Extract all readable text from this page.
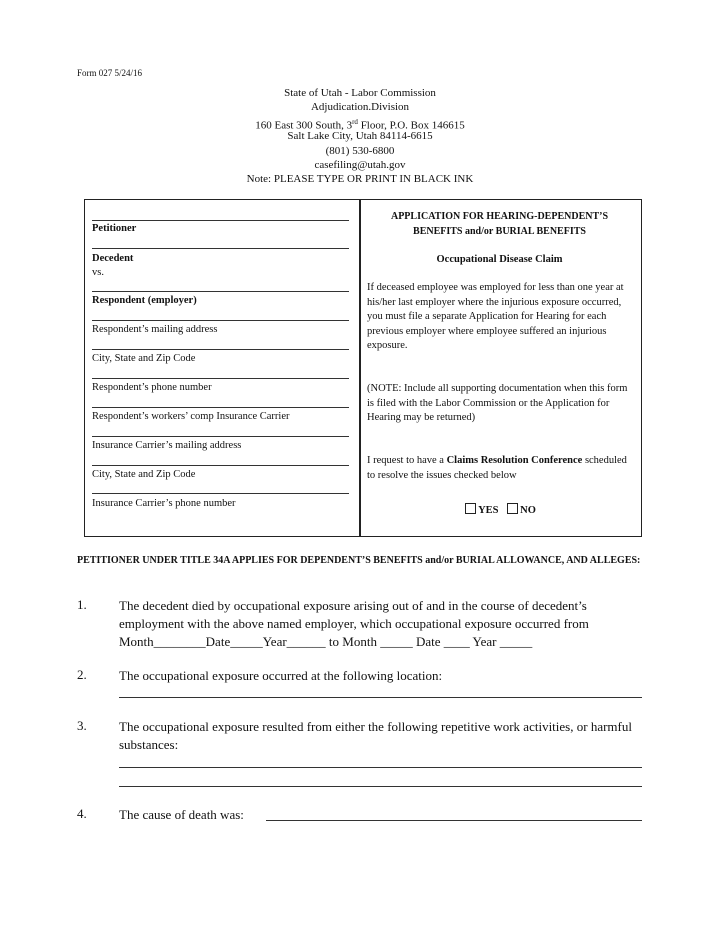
Form 027 5/24/16
State of Utah - Labor Commission
Adjudication.Division
160 East 300 South, 3rd Floor, P.O. Box 146615
Salt Lake City, Utah 84114-6615
(801) 530-6800
casefiling@utah.gov
Note: PLEASE TYPE OR PRINT IN BLACK INK
Petitioner
Decedent
vs.
Respondent (employer)
Respondent’s mailing address
City, State and Zip Code
Respondent’s phone number
Respondent’s workers’ comp Insurance Carrier
Insurance Carrier’s mailing address
City, State and Zip Code
Insurance Carrier’s phone number
APPLICATION FOR HEARING-DEPENDENT’S
BENEFITS and/or BURIAL BENEFITS
Occupational Disease Claim
If deceased employee was employed for less than one year at his/her last employer where the injurious exposure occurred, you must file a separate Application for Hearing for each previous employer where employee suffered an injurious exposure.
(NOTE: Include all supporting documentation when this form is filed with the Labor Commission or the Application for Hearing may be returned)
I request to have a Claims Resolution Conference scheduled to resolve the issues checked below
YES NO
PETITIONER UNDER TITLE 34A APPLIES FOR DEPENDENT’S BENEFITS and/or BURIAL ALLOWANCE, AND ALLEGES:
1. The decedent died by occupational exposure arising out of and in the course of decedent’s employment with the above named employer, which occupational exposure occurred from Month________Date_____Year______ to Month _____ Date ____ Year _____
2. The occupational exposure occurred at the following location:
3. The occupational exposure resulted from either the following repetitive work activities, or harmful substances:
4. The cause of death was:
